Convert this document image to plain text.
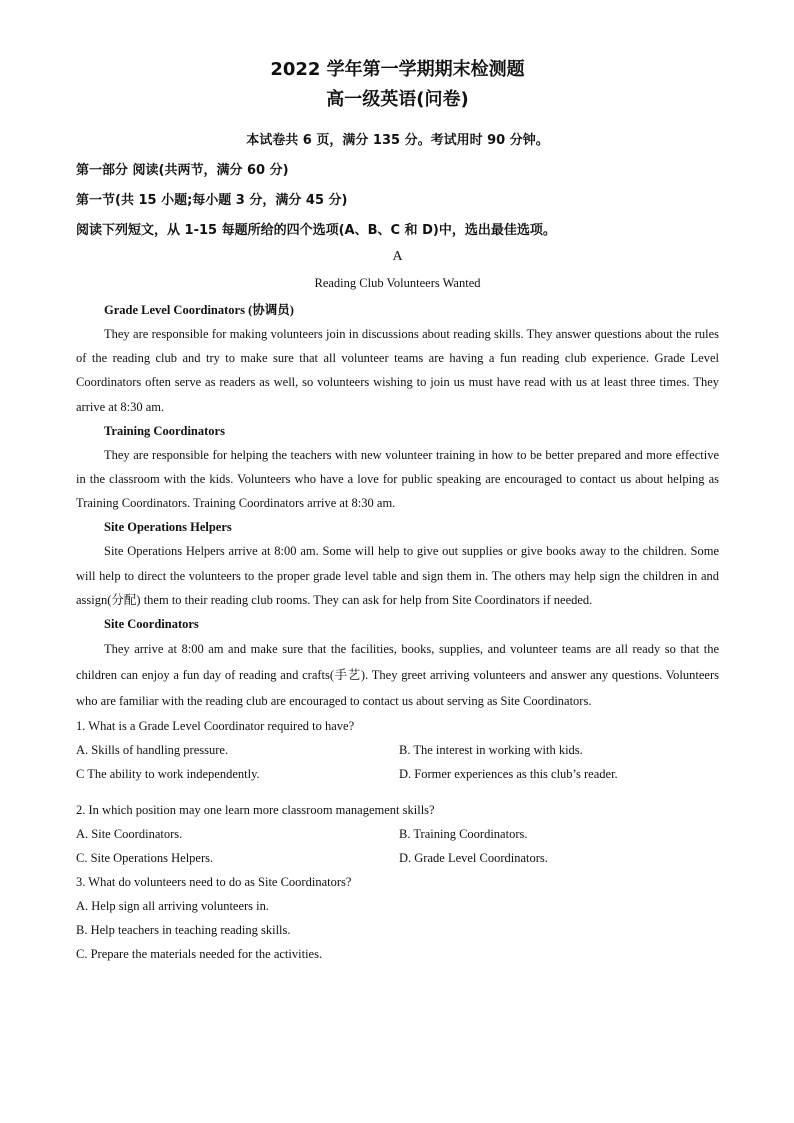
2022 学年第一学期期末检测题
高一级英语(问卷)
本试卷共 6 页，满分 135 分。考试用时 90 分钟。
第一部分 阅读(共两节，满分 60 分)
第一节(共 15 小题;每小题 3 分，满分 45 分)
阅读下列短文，从 1-15 每题所给的四个选项(A、B、C 和 D)中，选出最佳选项。
A
Reading Club Volunteers Wanted
Grade Level Coordinators (协调员)

They are responsible for making volunteers join in discussions about reading skills. They answer questions about the rules of the reading club and try to make sure that all volunteer teams are having a fun reading club experience. Grade Level Coordinators often serve as readers as well, so volunteers wishing to join us must have read with us at least three times. They arrive at 8:30 am.

Training Coordinators

They are responsible for helping the teachers with new volunteer training in how to be better prepared and more effective in the classroom with the kids. Volunteers who have a love for public speaking are encouraged to contact us about helping as Training Coordinators. Training Coordinators arrive at 8:30 am.

Site Operations Helpers

Site Operations Helpers arrive at 8:00 am. Some will help to give out supplies or give books away to the children. Some will help to direct the volunteers to the proper grade level table and sign them in. The others may help sign the children in and assign(分配) them to their reading club rooms. They can ask for help from Site Coordinators if needed.

Site Coordinators

They arrive at 8:00 am and make sure that the facilities, books, supplies, and volunteer teams are all ready so that the children can enjoy a fun day of reading and crafts(手艺). They greet arriving volunteers and answer any questions. Volunteers who are familiar with the reading club are encouraged to contact us about serving as Site Coordinators.

1. What is a Grade Level Coordinator required to have?
A. Skills of handling pressure.	B. The interest in working with kids.
C The ability to work independently.	D. Former experiences as this club’s reader.
2. In which position may one learn more classroom management skills?
A. Site Coordinators.	B. Training Coordinators.
C. Site Operations Helpers.	D. Grade Level Coordinators.
3. What do volunteers need to do as Site Coordinators?
A. Help sign all arriving volunteers in.
B. Help teachers in teaching reading skills.
C. Prepare the materials needed for the activities.
